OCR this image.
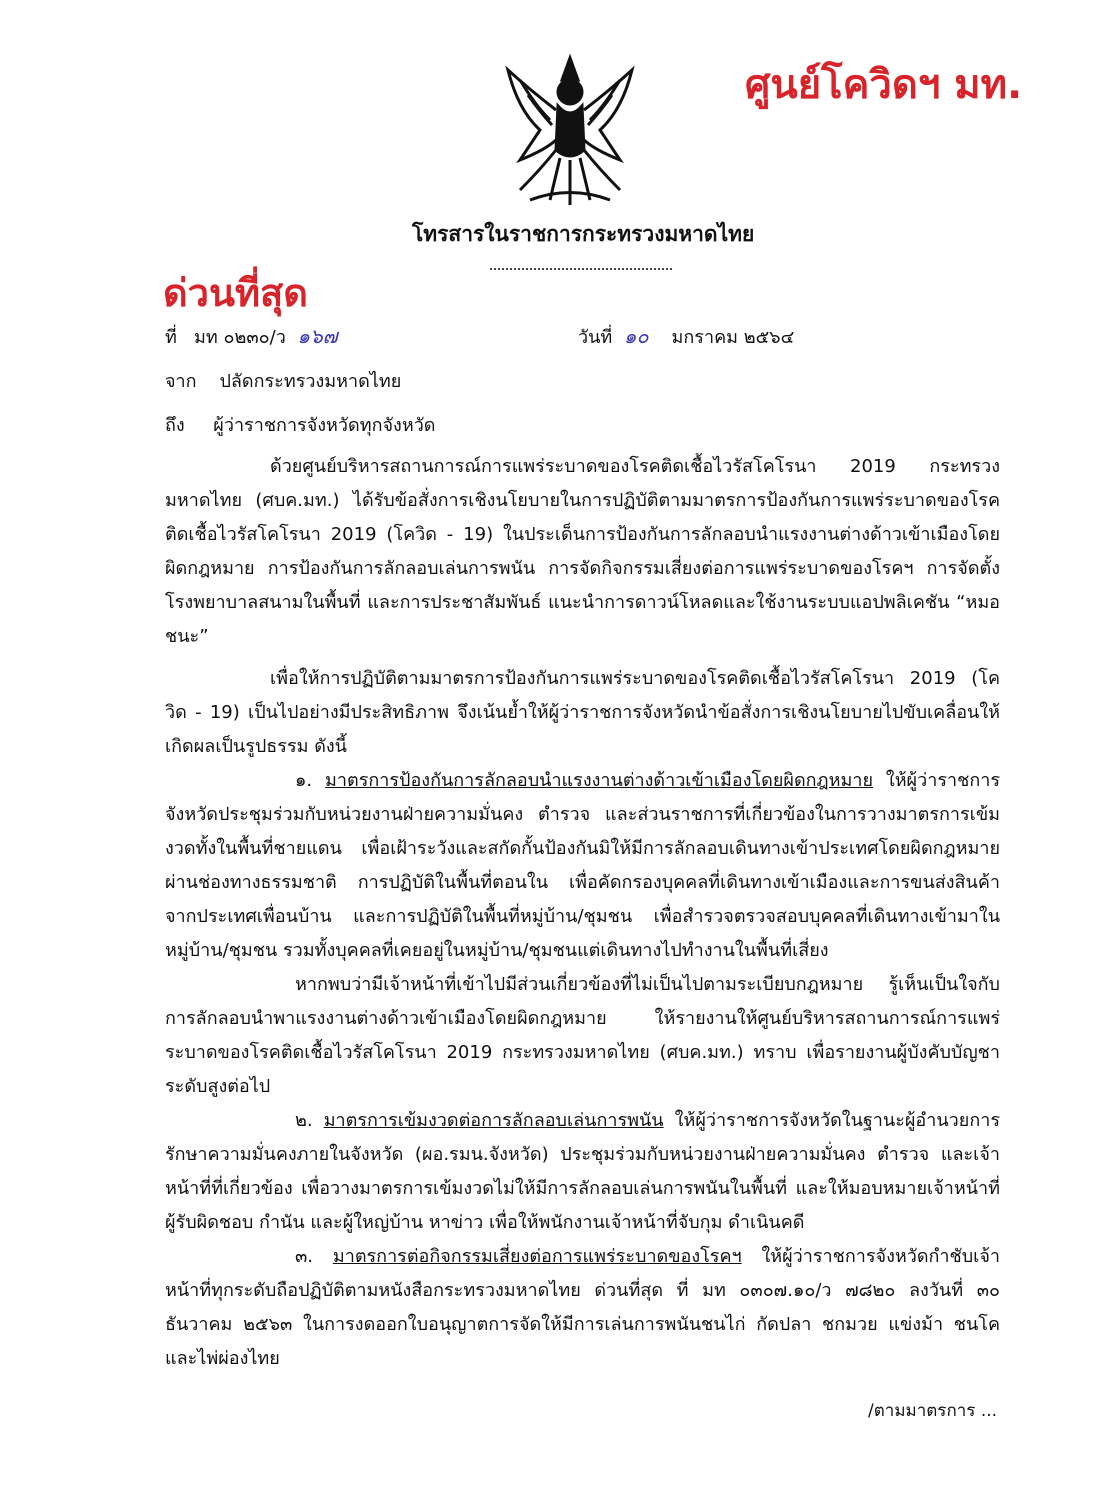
ศูนย์โควิดฯ มท.
โทรสารในราชการกระทรวงมหาดไทย
ด่วนที่สุด
ที่ มท ๐๒๓๐/ว ๑๖๗	วันที่ ๑๐ มกราคม ๒๕๖๔
จาก ปลัดกระทรวงมหาดไทย
ถึง ผู้ว่าราชการจังหวัดทุกจังหวัด

ด้วยศูนย์บริหารสถานการณ์การแพร่ระบาดของโรคติดเชื้อไวรัสโคโรนา 2019 กระทรวงมหาดไทย (ศบค.มท.) ได้รับข้อสั่งการเชิงนโยบายในการปฏิบัติตามมาตรการป้องกันการแพร่ระบาดของโรคติดเชื้อไวรัสโคโรนา 2019 (โควิด - 19) ในประเด็นการป้องกันการลักลอบนำแรงงานต่างด้าวเข้าเมืองโดยผิดกฎหมาย การป้องกันการลักลอบเล่นการพนัน การจัดกิจกรรมเสี่ยงต่อการแพร่ระบาดของโรคฯ การจัดตั้งโรงพยาบาลสนามในพื้นที่ และการประชาสัมพันธ์ แนะนำการดาวน์โหลดและใช้งานระบบแอปพลิเคชัน “หมอชนะ”

เพื่อให้การปฏิบัติตามมาตรการป้องกันการแพร่ระบาดของโรคติดเชื้อไวรัสโคโรนา 2019 (โควิด - 19) เป็นไปอย่างมีประสิทธิภาพ จึงเน้นย้ำให้ผู้ว่าราชการจังหวัดนำข้อสั่งการเชิงนโยบายไปขับเคลื่อนให้เกิดผลเป็นรูปธรรม ดังนี้

๑. มาตรการป้องกันการลักลอบนำแรงงานต่างด้าวเข้าเมืองโดยผิดกฎหมาย ให้ผู้ว่าราชการจังหวัดประชุมร่วมกับหน่วยงานฝ่ายความมั่นคง ตำรวจ และส่วนราชการที่เกี่ยวข้องในการวางมาตรการเข้มงวดทั้งในพื้นที่ชายแดน เพื่อเฝ้าระวังและสกัดกั้นป้องกันมิให้มีการลักลอบเดินทางเข้าประเทศโดยผิดกฎหมายผ่านช่องทางธรรมชาติ การปฏิบัติในพื้นที่ตอนใน เพื่อคัดกรองบุคคลที่เดินทางเข้าเมืองและการขนส่งสินค้าจากประเทศเพื่อนบ้าน และการปฏิบัติในพื้นที่หมู่บ้าน/ชุมชน เพื่อสำรวจตรวจสอบบุคคลที่เดินทางเข้ามาในหมู่บ้าน/ชุมชน รวมทั้งบุคคลที่เคยอยู่ในหมู่บ้าน/ชุมชนแต่เดินทางไปทำงานในพื้นที่เสี่ยง

หากพบว่ามีเจ้าหน้าที่เข้าไปมีส่วนเกี่ยวข้องที่ไม่เป็นไปตามระเบียบกฎหมาย รู้เห็นเป็นใจกับการลักลอบนำพาแรงงานต่างด้าวเข้าเมืองโดยผิดกฎหมาย ให้รายงานให้ศูนย์บริหารสถานการณ์การแพร่ระบาดของโรคติดเชื้อไวรัสโคโรนา 2019 กระทรวงมหาดไทย (ศบค.มท.) ทราบ เพื่อรายงานผู้บังคับบัญชาระดับสูงต่อไป

๒. มาตรการเข้มงวดต่อการลักลอบเล่นการพนัน ให้ผู้ว่าราชการจังหวัดในฐานะผู้อำนวยการรักษาความมั่นคงภายในจังหวัด (ผอ.รมน.จังหวัด) ประชุมร่วมกับหน่วยงานฝ่ายความมั่นคง ตำรวจ และเจ้าหน้าที่ที่เกี่ยวข้อง เพื่อวางมาตรการเข้มงวดไม่ให้มีการลักลอบเล่นการพนันในพื้นที่ และให้มอบหมายเจ้าหน้าที่ผู้รับผิดชอบ กำนัน และผู้ใหญ่บ้าน หาข่าว เพื่อให้พนักงานเจ้าหน้าที่จับกุม ดำเนินคดี

๓. มาตรการต่อกิจกรรมเสี่ยงต่อการแพร่ระบาดของโรคฯ ให้ผู้ว่าราชการจังหวัดกำชับเจ้าหน้าที่ทุกระดับถือปฏิบัติตามหนังสือกระทรวงมหาดไทย ด่วนที่สุด ที่ มท ๐๓๐๗.๑๐/ว ๗๘๒๐ ลงวันที่ ๓๐ ธันวาคม ๒๕๖๓ ในการงดออกใบอนุญาตการจัดให้มีการเล่นการพนันชนไก่ กัดปลา ชกมวย แข่งม้า ชนโค และไพ่ผ่องไทย

/ตามมาตรการ ...
